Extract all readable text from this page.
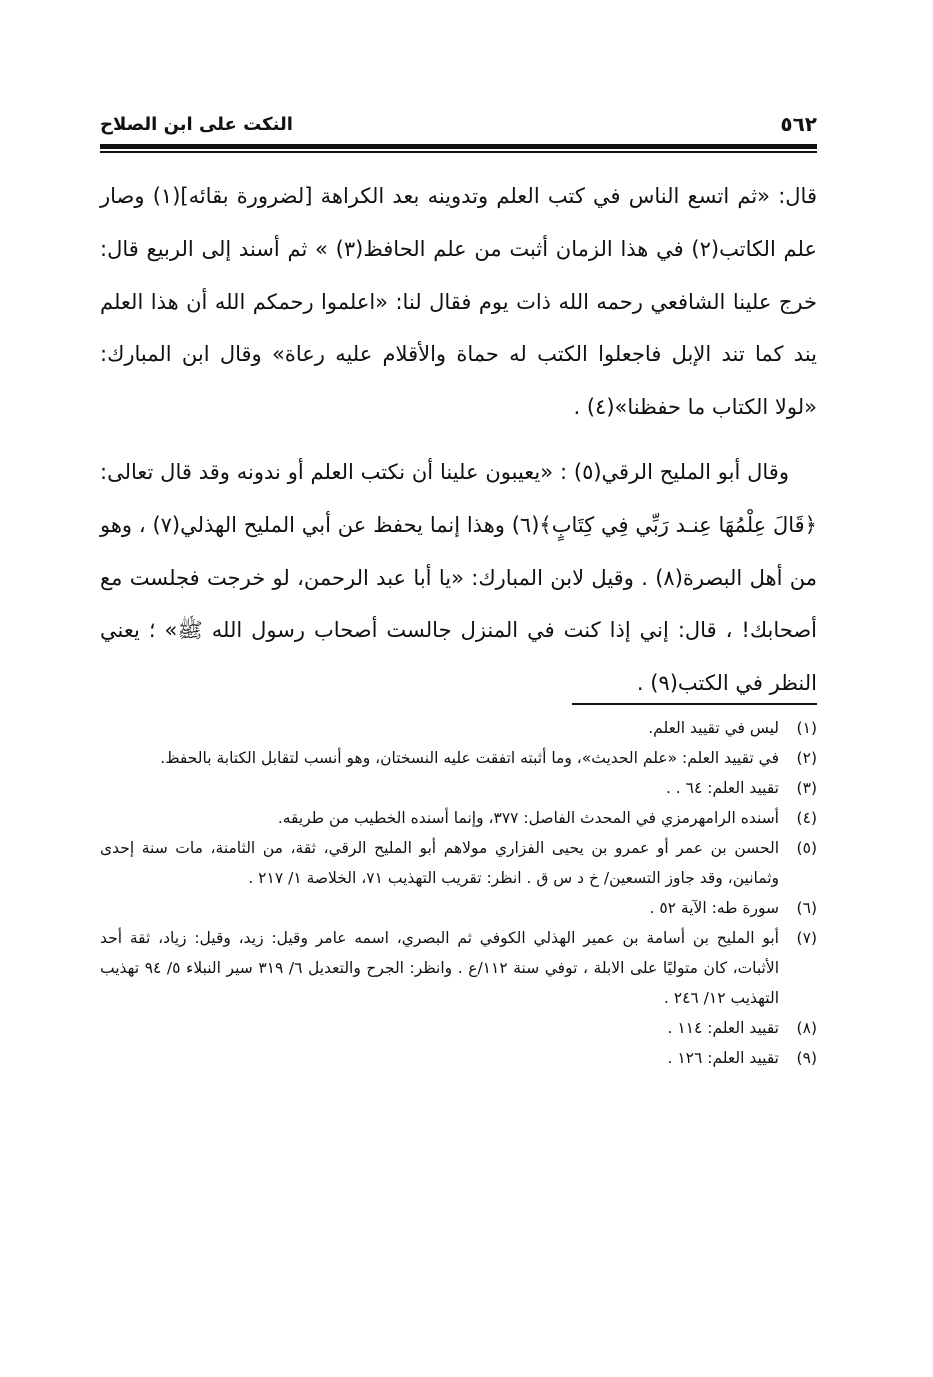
٥٦٢
النكت على ابن الصلاح

قال: «ثم اتسع الناس في كتب العلم وتدوينه بعد الكراهة [لضرورة بقائه](١) وصار علم الكاتب(٢) في هذا الزمان أثبت من علم الحافظ(٣) » ثم أسند إلى الربيع قال: خرج علينا الشافعي رحمه الله ذات يوم فقال لنا: «اعلموا رحمكم الله أن هذا العلم يند كما تند الإبل فاجعلوا الكتب له حماة والأقلام عليه رعاة» وقال ابن المبارك: «لولا الكتاب ما حفظنا»(٤) .

وقال أبو المليح الرقي(٥) : «يعيبون علينا أن نكتب العلم أو ندونه وقد قال تعالى: ﴿قَالَ عِلْمُهَا عِنـد رَبِّي فِي كِتَابٍ﴾(٦) وهذا إنما يحفظ عن أبي المليح الهذلي(٧) ، وهو من أهل البصرة(٨) . وقيل لابن المبارك: «يا أبا عبد الرحمن، لو خرجت فجلست مع أصحابك! ، قال: إني إذا كنت في المنزل جالست أصحاب رسول الله ﷺ» ؛ يعني النظر في الكتب(٩) .

(١)
ليس في تقييد العلم.
(٢)
في تقييد العلم: «علم الحديث»، وما أثبته اتفقت عليه النسختان، وهو أنسب لتقابل الكتابة بالحفظ.
(٣)
تقييد العلم: ٦٤ . .
(٤)
أسنده الرامهرمزي في المحدث الفاصل: ٣٧٧، وإنما أسنده الخطيب من طريقه.
(٥)
الحسن بن عمر أو عمرو بن يحيى الفزاري مولاهم أبو المليح الرقي، ثقة، من الثامنة، مات سنة إحدى وثمانين، وقد جاوز التسعين/ خ د س ق . انظر: تقريب التهذيب ٧١، الخلاصة ١/ ٢١٧ .
(٦)
سورة طه: الآية ٥٢ .
(٧)
أبو المليح بن أسامة بن عمير الهذلي الكوفي ثم البصري، اسمه عامر وقيل: زيد، وقيل: زياد، ثقة أحد الأثبات، كان متوليًا على الابلة ، توفي سنة ١١٢/ع . وانظر: الجرح والتعديل ٦/ ٣١٩ سير النبلاء ٥/ ٩٤ تهذيب التهذيب ١٢/ ٢٤٦ .
(٨)
تقييد العلم: ١١٤ .
(٩)
تقييد العلم: ١٢٦ .
